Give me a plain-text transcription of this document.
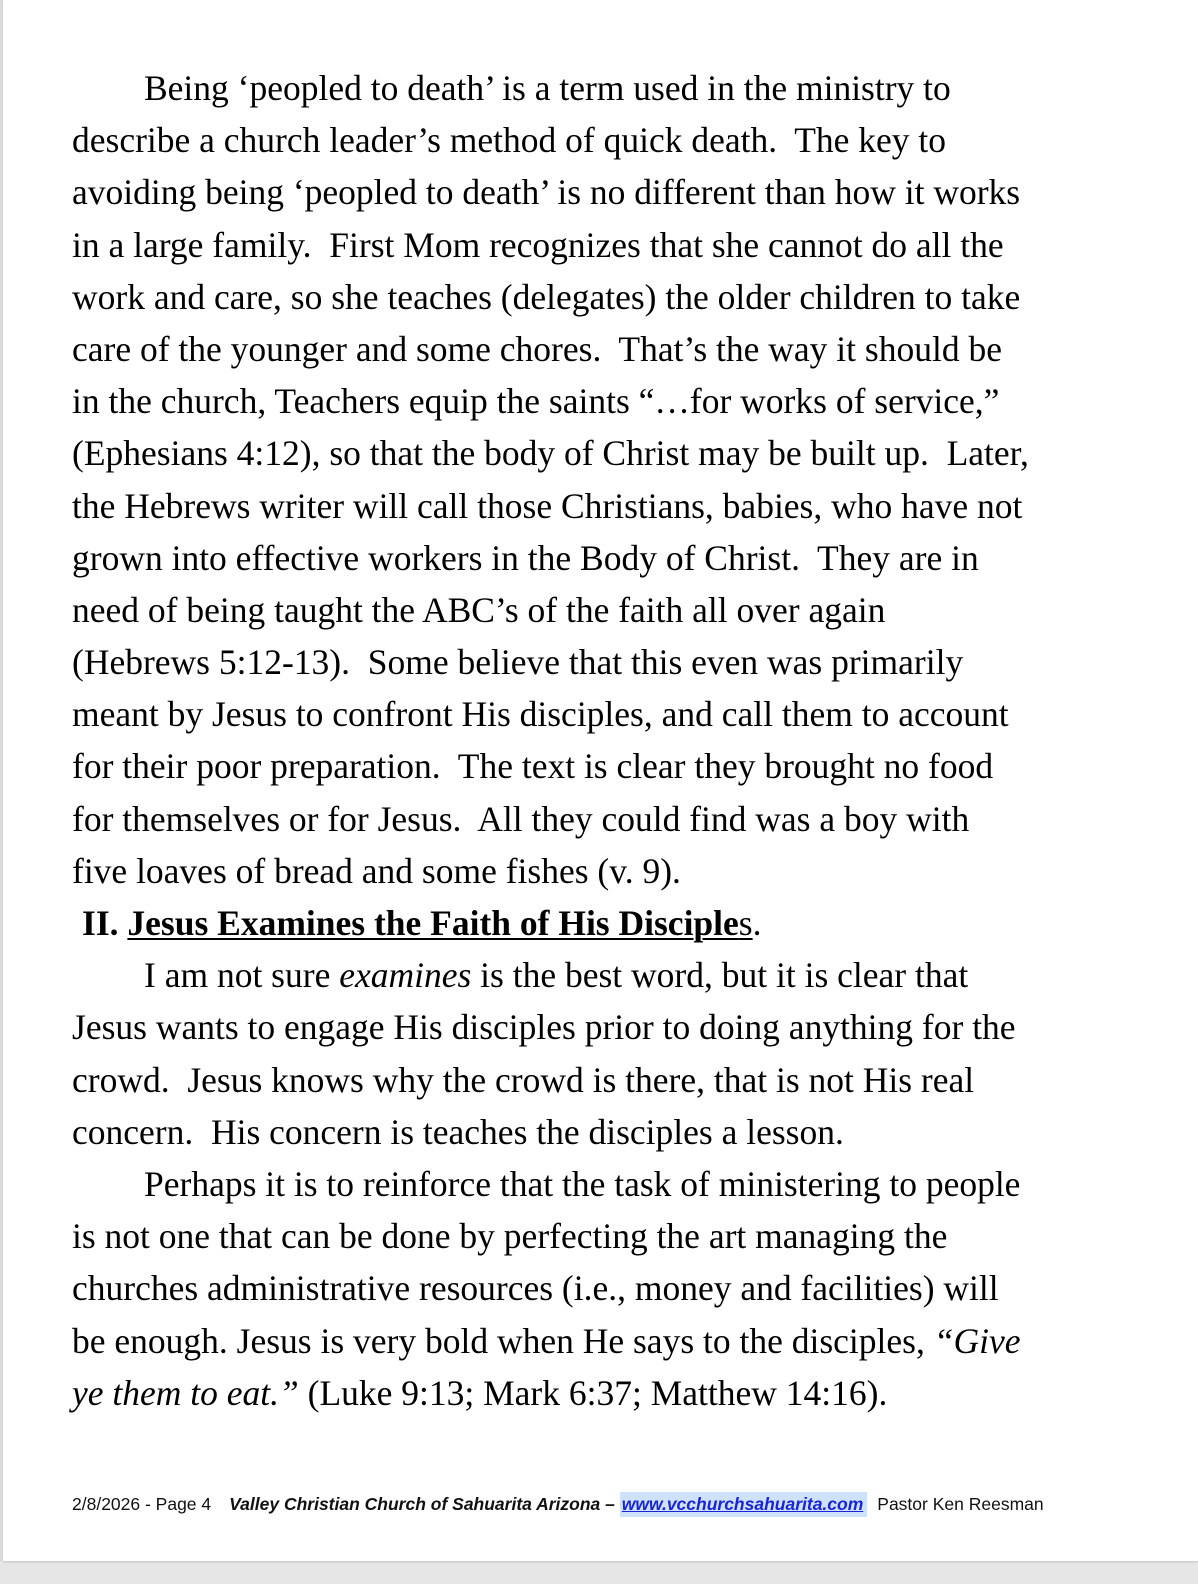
Being ‘peopled to death’ is a term used in the ministry to
describe a church leader’s method of quick death.  The key to
avoiding being ‘peopled to death’ is no different than how it works
in a large family.  First Mom recognizes that she cannot do all the
work and care, so she teaches (delegates) the older children to take
care of the younger and some chores.  That’s the way it should be
in the church, Teachers equip the saints “…for works of service,”
(Ephesians 4:12), so that the body of Christ may be built up.  Later,
the Hebrews writer will call those Christians, babies, who have not
grown into effective workers in the Body of Christ.  They are in
need of being taught the ABC’s of the faith all over again
(Hebrews 5:12-13).  Some believe that this even was primarily
meant by Jesus to confront His disciples, and call them to account
for their poor preparation.  The text is clear they brought no food
for themselves or for Jesus.  All they could find was a boy with
five loaves of bread and some fishes (v. 9).
II. Jesus Examines the Faith of His Disciples.
I am not sure examines is the best word, but it is clear that
Jesus wants to engage His disciples prior to doing anything for the
crowd.  Jesus knows why the crowd is there, that is not His real
concern.  His concern is teaches the disciples a lesson.
Perhaps it is to reinforce that the task of ministering to people
is not one that can be done by perfecting the art managing the
churches administrative resources (i.e., money and facilities) will
be enough. Jesus is very bold when He says to the disciples, “Give
ye them to eat.” (Luke 9:13; Mark 6:37; Matthew 14:16).
2/8/2026 - Page 4 Valley Christian Church of Sahuarita Arizona – www.vcchurchsahuarita.com Pastor Ken Reesman
